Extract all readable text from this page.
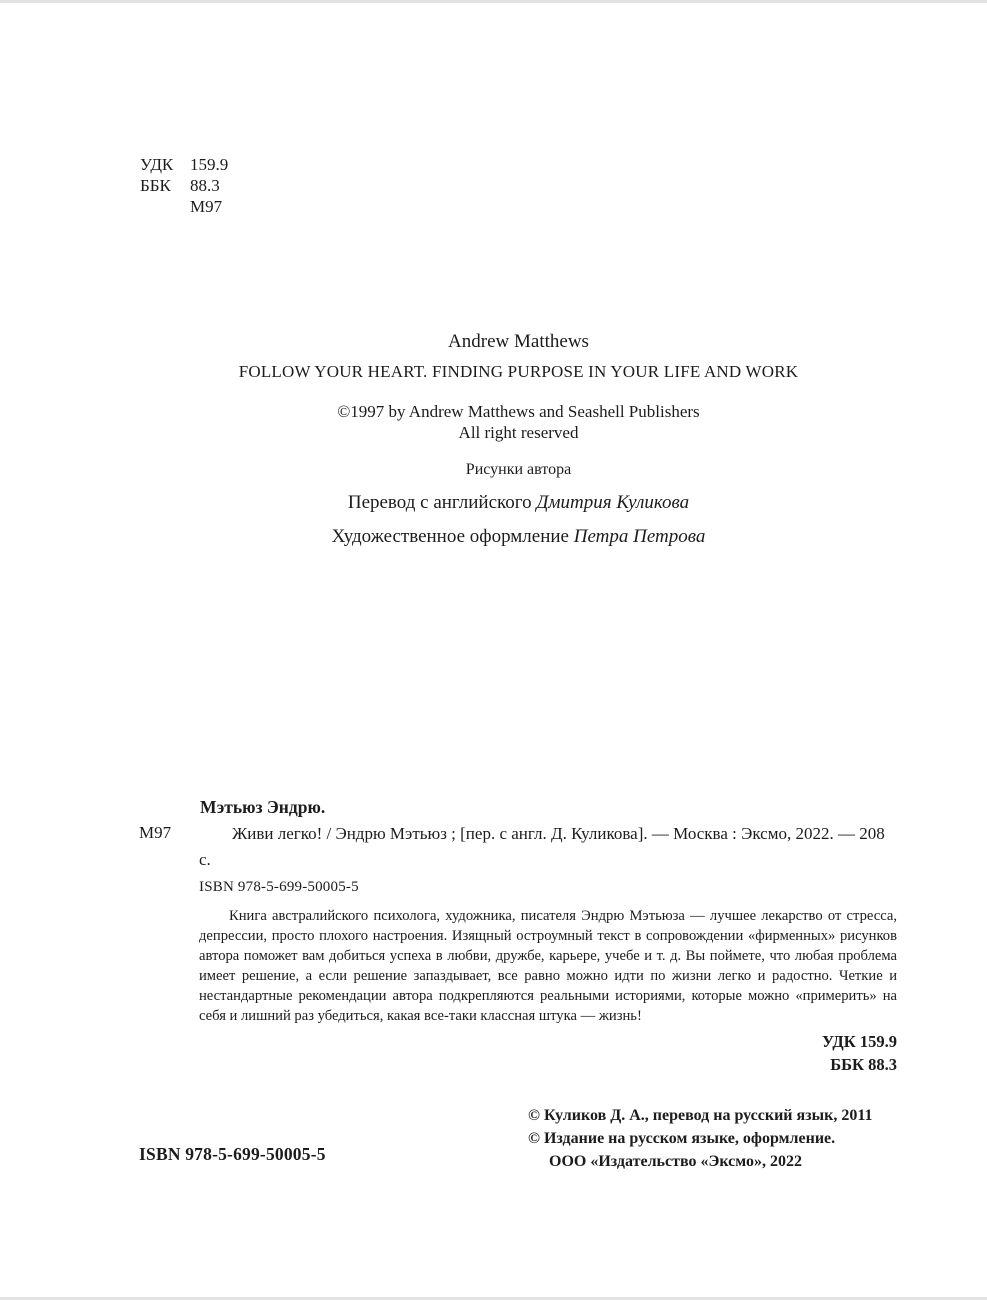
УДК 159.9
ББК	88.3
М97
Andrew Matthews
FOLLOW YOUR HEART. FINDING PURPOSE IN YOUR LIFE AND WORK
©1997 by Andrew Matthews and Seashell Publishers
All right reserved
Рисунки автора
Перевод с английского Дмитрия Куликова
Художественное оформление Петра Петрова
Мэтьюз Эндрю.
М97	Живи легко! / Эндрю Мэтьюз ; [пер. с англ. Д. Куликова]. — Москва : Эксмо, 2022. — 208 с.
ISBN 978-5-699-50005-5
Книга австралийского психолога, художника, писателя Эндрю Мэтьюза — лучшее лекарство от стресса, депрессии, просто плохого настроения. Изящный остроумный текст в сопровождении «фирменных» рисунков автора поможет вам добиться успеха в любви, дружбе, карьере, учебе и т. д. Вы поймете, что любая проблема имеет решение, а если решение запаздывает, все равно можно идти по жизни легко и радостно. Четкие и нестандартные рекомендации автора подкрепляются реальными историями, которые можно «примерить» на себя и лишний раз убедиться, какая все-таки классная штука — жизнь!
УДК 159.9
ББК 88.3
© Куликов Д. А., перевод на русский язык, 2011
© Издание на русском языке, оформление.
ООО «Издательство «Эксмо», 2022
ISBN 978-5-699-50005-5
